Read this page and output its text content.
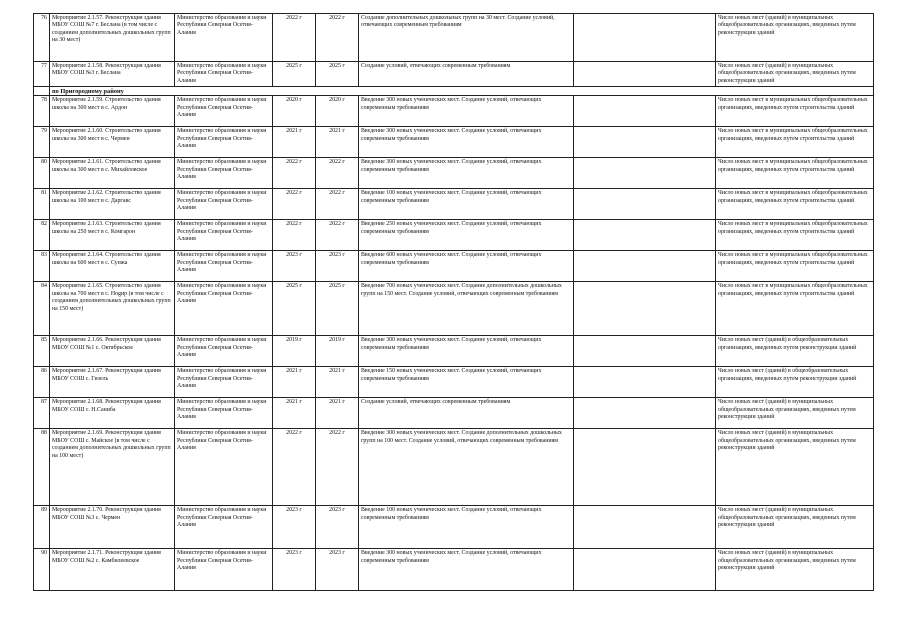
76	Мероприятие 2.1.57. Реконструкция здания МБОУ СОШ №7 г. Беслана (в том числе с созданием дополнительных дошкольных групп на 30 мест)	Министерство образования и науки Республики Северная Осетия-Алания	2022 г	2022 г	Создание дополнительных дошкольных групп на 30 мест. Создание условий, отвечающих современным требованиям		Число новых мест (зданий) в муниципальных общеобразовательных организациях, введенных путем реконструкции зданий
77	Мероприятие 2.1.58. Реконструкция здания МБОУ СОШ №3 г. Беслана	Министерство образования и науки Республики Северная Осетия-Алания	2025 г	2025 г	Создание условий, отвечающих современным требованиям		Число новых мест (зданий) в муниципальных общеобразовательных организациях, введенных путем реконструкции зданий
	по Пригородному району						
78	Мероприятие 2.1.59. Строительство здания школы на 300 мест в с. Ардон	Министерство образования и науки Республики Северная Осетия-Алания	2020 г	2020 г	Введение 300 новых ученических мест. Создание условий, отвечающих современным требованиям		Число новых мест в муниципальных общеобразовательных организациях, введенных путем строительства зданий
79	Мероприятие 2.1.60. Строительство здания школы на 300 мест в с. Чермен	Министерство образования и науки Республики Северная Осетия-Алания	2021 г	2021 г	Введение 300 новых ученических мест. Создание условий, отвечающих современным требованиям		Число новых мест в муниципальных общеобразовательных организациях, введенных путем строительства зданий
80	Мероприятие 2.1.61. Строительство здания школы на 300 мест в с. Михайловское	Министерство образования и науки Республики Северная Осетия-Алания	2022 г	2022 г	Введение 300 новых ученических мест. Создание условий, отвечающих современным требованиям		Число новых мест в муниципальных общеобразовательных организациях, введенных путем строительства зданий
81	Мероприятие 2.1.62. Строительство здания школы на 100 мест в с. Даргавс	Министерство образования и науки Республики Северная Осетия-Алания	2022 г	2022 г	Введение 100 новых ученических мест. Создание условий, отвечающих современным требованиям		Число новых мест в муниципальных общеобразовательных организациях, введенных путем строительства зданий
82	Мероприятие 2.1.63. Строительство здания школы на 250 мест в с. Комгарон	Министерство образования и науки Республики Северная Осетия-Алания	2022 г	2022 г	Введение 250 новых ученических мест. Создание условий, отвечающих современным требованиям		Число новых мест в муниципальных общеобразовательных организациях, введенных путем строительства зданий
83	Мероприятие 2.1.64. Строительство здания школы на 600 мест в с. Сунжа	Министерство образования и науки Республики Северная Осетия-Алания	2023 г	2023 г	Введение 600 новых ученических мест. Создание условий, отвечающих современным требованиям		Число новых мест в муниципальных общеобразовательных организациях, введенных путем строительства зданий
84	Мероприятие 2.1.65. Строительство здания школы на 700 мест в с. Нogир (в том числе с созданием дополнительных дошкольных групп на 150 мест)	Министерство образования и науки Республики Северная Осетия-Алания	2025 г	2025 г	Введение 700 новых ученических мест. Создание дополнительных дошкольных групп на 150 мест. Создание условий, отвечающих современным требованиям		Число новых мест в муниципальных общеобразовательных организациях, введенных путем строительства зданий
85	Мероприятие 2.1.66. Реконструкция здания МБОУ СОШ №1 с. Октябрьское	Министерство образования и науки Республики Северная Осетия-Алания	2019 г	2019 г	Введение 300 новых ученических мест. Создание условий, отвечающих современным требованиям		Число новых мест (зданий) в общеобразовательных организациях, введенных путем реконструкции зданий
86	Мероприятие 2.1.67. Реконструкция здания МБОУ СОШ с. Гизель	Министерство образования и науки Республики Северная Осетия-Алания	2021 г	2021 г	Введение 150 новых ученических мест. Создание условий, отвечающих современным требованиям		Число новых мест (зданий) в общеобразовательных организациях, введенных путем реконструкции зданий
87	Мероприятие 2.1.68. Реконструкция здания МБОУ СОШ с. Н.Саниба	Министерство образования и науки Республики Северная Осетия-Алания	2021 г	2021 г	Создание условий, отвечающих современным требованиям		Число новых мест (зданий) в муниципальных общеобразовательных организациях, введенных путем реконструкции зданий
88	Мероприятие 2.1.69. Реконструкция здания МБОУ СОШ с. Майское (в том числе с созданием дополнительных дошкольных групп на 100 мест)	Министерство образования и науки Республики Северная Осетия-Алания	2022 г	2022 г	Введение 300 новых ученических мест. Создание дополнительных дошкольных групп на 100 мест. Создание условий, отвечающих современным требованиям		Число новых мест (зданий) в муниципальных общеобразовательных организациях, введенных путем реконструкции зданий
89	Мероприятие 2.1.70. Реконструкция здания МБОУ СОШ №3 с. Чермен	Министерство образования и науки Республики Северная Осетия-Алания	2023 г	2023 г	Введение 100 новых ученических мест. Создание условий, отвечающих современным требованиям		Число новых мест (зданий) в муниципальных общеобразовательных организациях, введенных путем реконструкции зданий
90	Мероприятие 2.1.71. Реконструкция здания МБОУ СОШ №2 с. Камбилеевское	Министерство образования и науки Республики Северная Осетия-Алания	2023 г	2023 г	Введение 300 новых ученических мест. Создание условий, отвечающих современным требованиям		Число новых мест (зданий) в муниципальных общеобразовательных организациях, введенных путем реконструкции зданий
